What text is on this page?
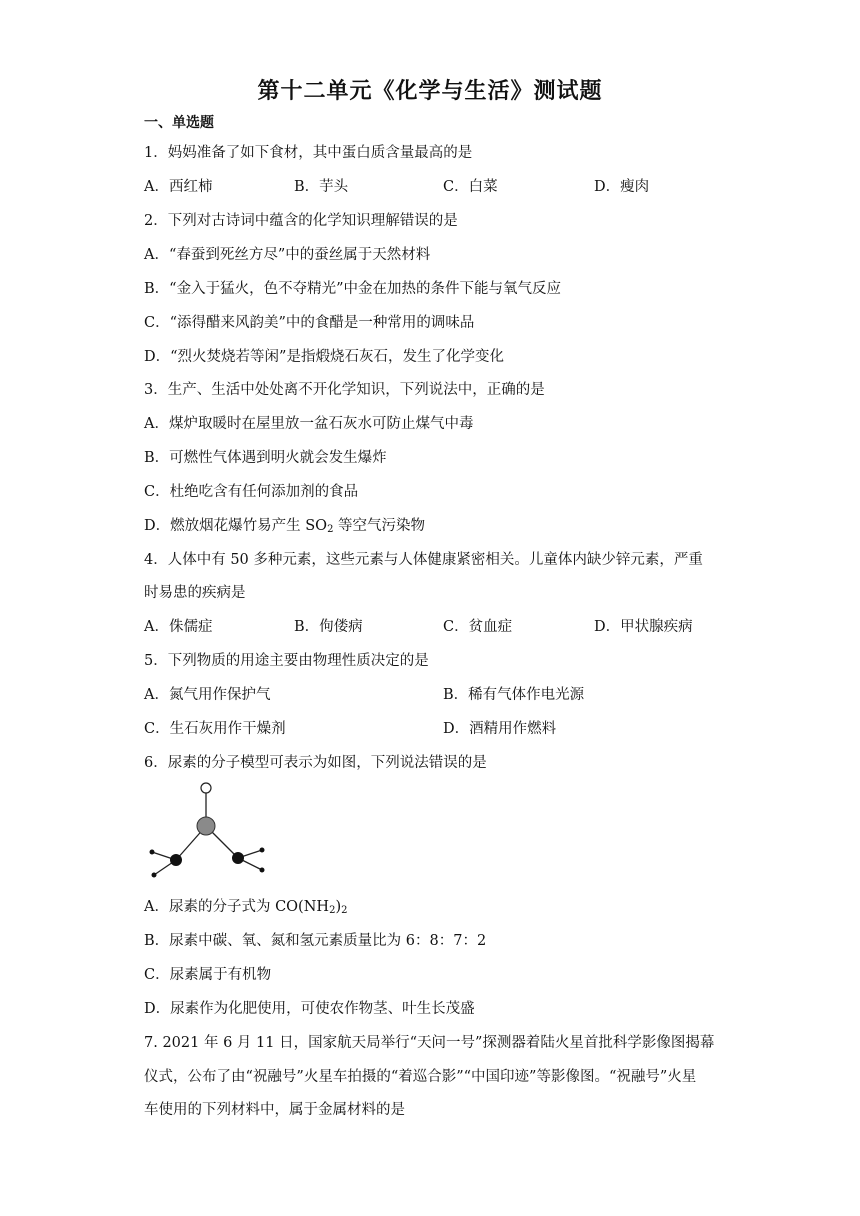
第十二单元《化学与生活》测试题
一、单选题
1．妈妈准备了如下食材，其中蛋白质含量最高的是
A．西红柿	B．芋头	C．白菜	D．瘦肉
2．下列对古诗词中蕴含的化学知识理解错误的是
A．“春蚕到死丝方尽”中的蚕丝属于天然材料
B．“金入于猛火，色不夺精光”中金在加热的条件下能与氧气反应
C．“添得醋来风韵美”中的食醋是一种常用的调味品
D．“烈火焚烧若等闲”是指煅烧石灰石，发生了化学变化
3．生产、生活中处处离不开化学知识，下列说法中，正确的是
A．煤炉取暖时在屋里放一盆石灰水可防止煤气中毒
B．可燃性气体遇到明火就会发生爆炸
C．杜绝吃含有任何添加剂的食品
D．燃放烟花爆竹易产生 $SO_2$ 等空气污染物
4．人体中有 50 多种元素，这些元素与人体健康紧密相关。儿童体内缺少锌元素，严重
时易患的疾病是
A．侏儒症	B．佝偻病	C．贫血症	D．甲状腺疾病
5．下列物质的用途主要由物理性质决定的是
A．氮气用作保护气	B．稀有气体作电光源
C．生石灰用作干燥剂	D．酒精用作燃料
6．尿素的分子模型可表示为如图，下列说法错误的是
A．尿素的分子式为 $CO(NH_2)_2$
B．尿素中碳、氧、氮和氢元素质量比为 6：8：7：2
C．尿素属于有机物
D．尿素作为化肥使用，可使农作物茎、叶生长茂盛
7. 2021 年 6 月 11 日，国家航天局举行“天问一号”探测器着陆火星首批科学影像图揭幕
仪式，公布了由“祝融号”火星车拍摄的“着巡合影”“中国印迹”等影像图。“祝融号”火星
车使用的下列材料中，属于金属材料的是
